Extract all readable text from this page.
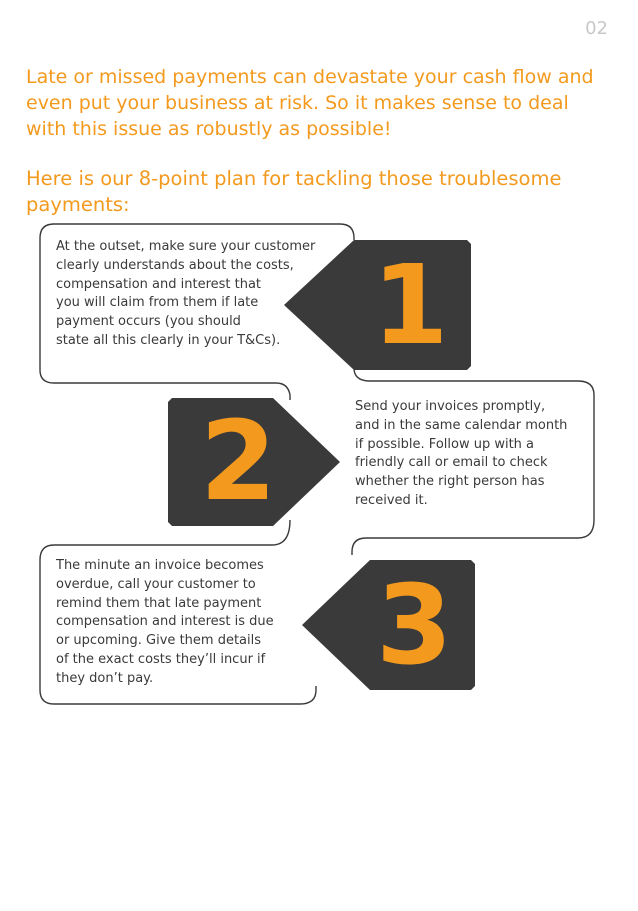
02
Late or missed payments can devastate your cash flow and even put your business at risk. So it makes sense to deal with this issue as robustly as possible!
Here is our 8-point plan for tackling those troublesome payments:
At the outset, make sure your customer
clearly understands about the costs,
compensation and interest that
you will claim from them if late
payment occurs (you should
state all this clearly in your T&Cs). 1
Send your invoices promptly,
and in the same calendar month
if possible. Follow up with a
friendly call or email to check
whether the right person has
received it.
2
The minute an invoice becomes
overdue, call your customer to
remind them that late payment
compensation and interest is due
or upcoming. Give them details
of the exact costs they’ll incur if
they don’t pay.	3
